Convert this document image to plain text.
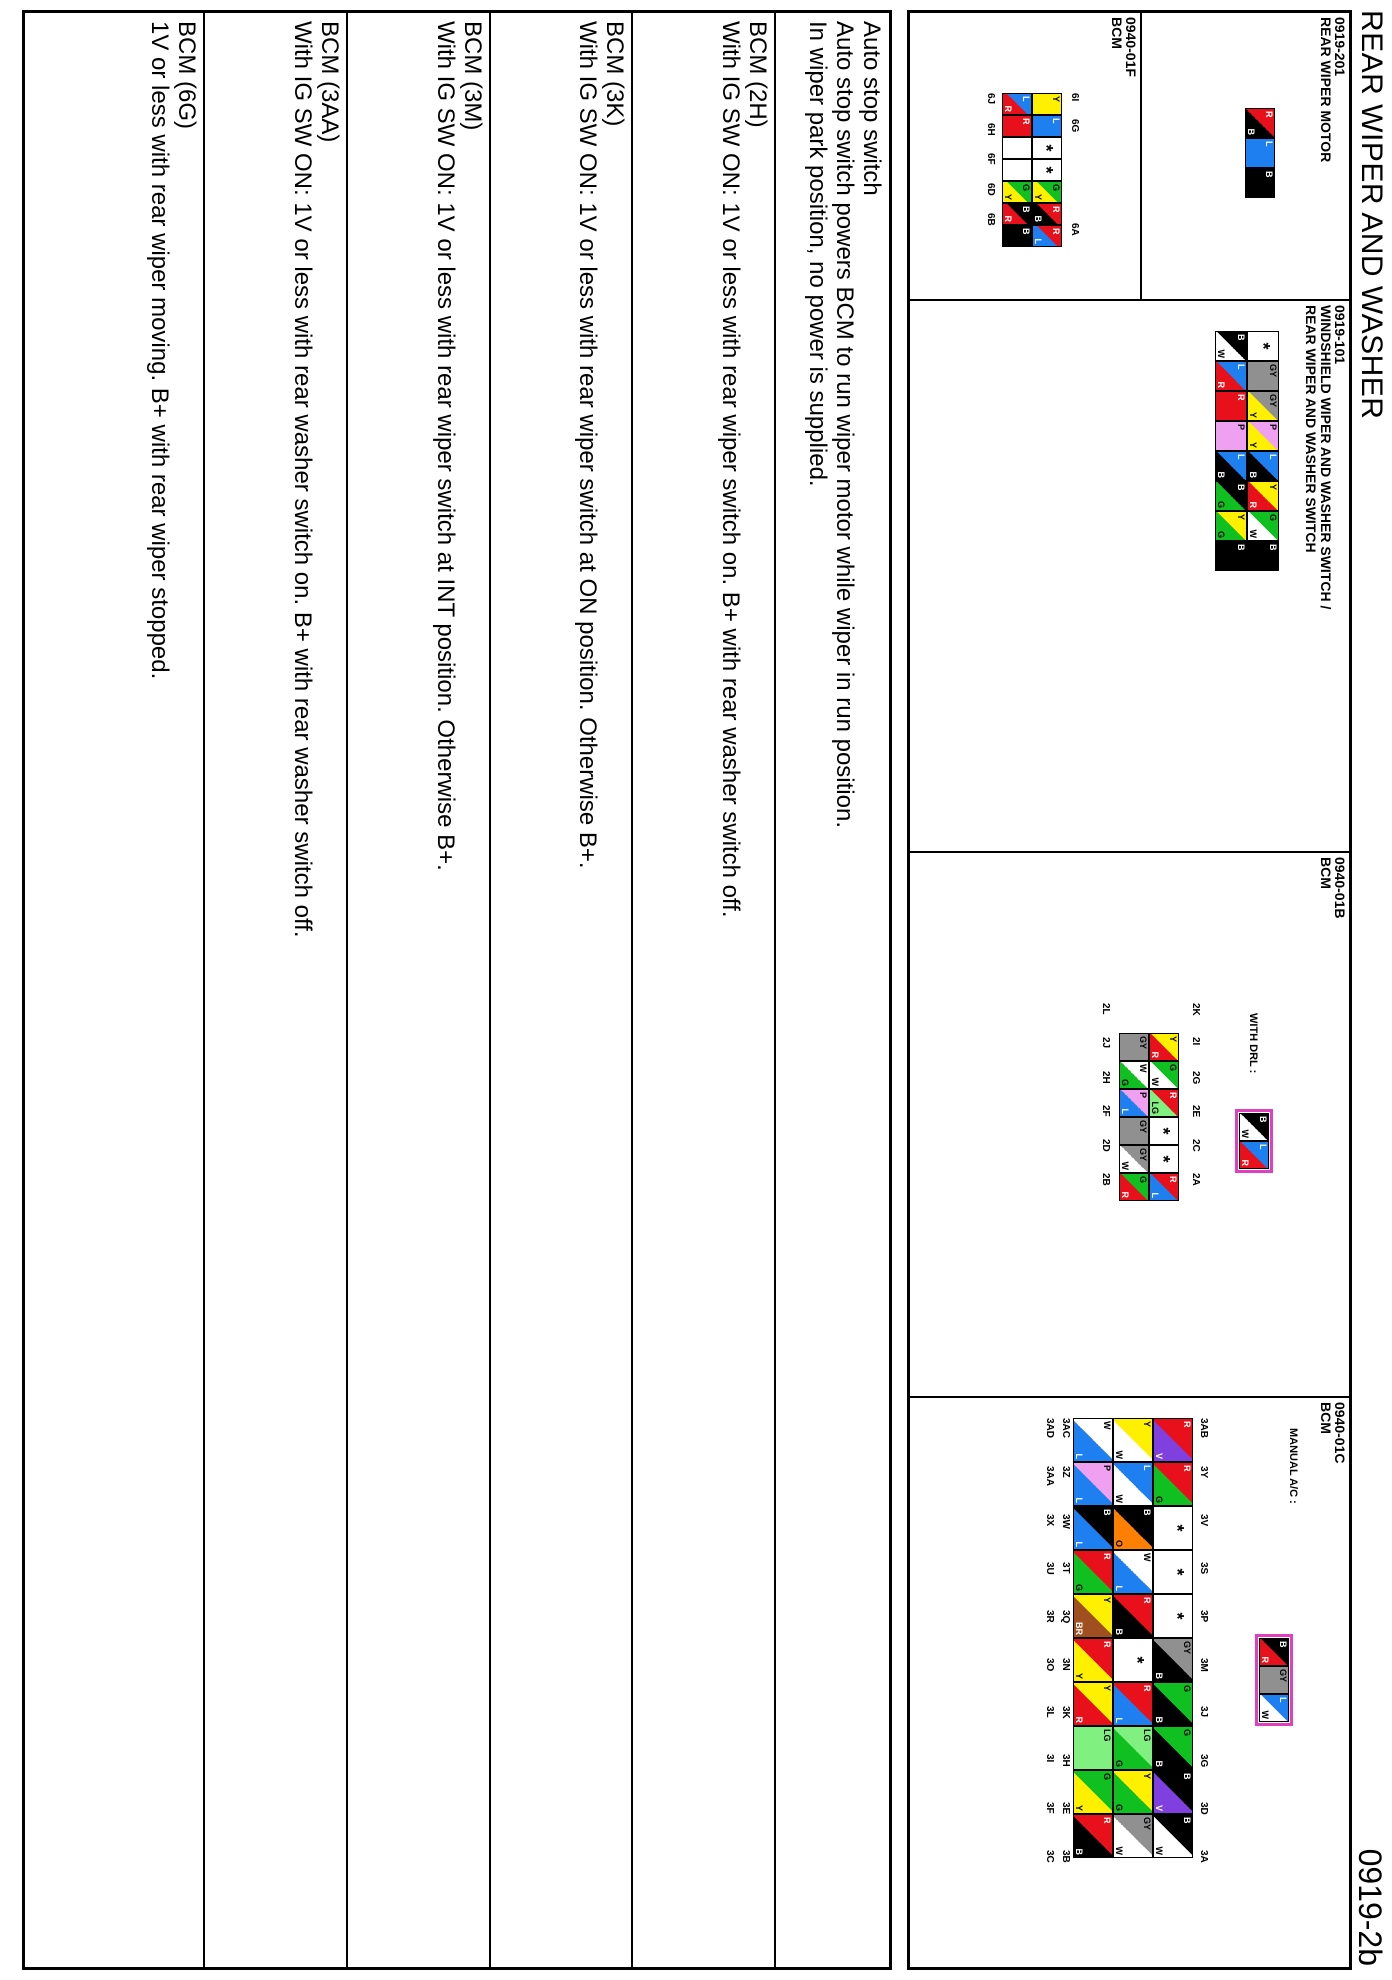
REAR WIPER AND WASHER
0919-2b
0919-201
REAR WIPER MOTOR
R
B
L
B
0940-01F
BCM
6I
6G
6A
Y
L
*
*
G
Y
R
B
R
L
L
R
R
G
Y
B
R
B
6J
6H
6F
6D
6B
0919-101
WINDSHIELD WIPER AND WASHER SWITCH /
REAR WIPER AND WASHER SWITCH
*
GY
GY
Y
P
Y
L
B
Y
R
G
W
B
B
W
L
R
R
P
L
B
B
G
Y
G
B
0940-01B
BCM
WITH DRL :
B
W
L
R
2K
2I
2G
2E
2C
2A
R
L
*
*
R
LG
G
W
Y
R
G
R
GY
W
GY
P
L
W
G
GY
2L
2J
2H
2F
2D
2B
0940-01C
BCM
MANUAL A/C :
B
R
GY
L
W
3AB
3Y
3V
3S
3P
3M
3J
3G
3D
3A
R
V
R
G
*
*
*
GY
B
G
B
G
B
B
V
B
W
Y
W
L
W
B
O
W
L
R
B
*
R
L
LG
G
Y
G
GY
W
W
L
P
L
B
L
R
G
Y
BR
R
Y
Y
R
LG
G
Y
R
B
3AC
3Z
3W
3T
3Q
3N
3K
3H
3E
3B
3AD
3AA
3X
3U
3R
3O
3L
3I
3F
3C
Auto stop switch
Auto stop switch powers BCM to run wiper motor while wiper in run position.
In wiper park position, no power is supplied.
BCM (2H)
With IG SW ON: 1V or less with rear wiper switch on. B+ with rear washer switch off.
BCM (3K)
With IG SW ON: 1V or less with rear wiper switch at ON position. Otherwise B+.
BCM (3M)
With IG SW ON: 1V or less with rear wiper switch at INT position. Otherwise B+.
BCM (3AA)
With IG SW ON: 1V or less with rear washer switch on. B+ with rear washer switch off.
BCM (6G)
1V or less with rear wiper moving. B+ with rear wiper stopped.
